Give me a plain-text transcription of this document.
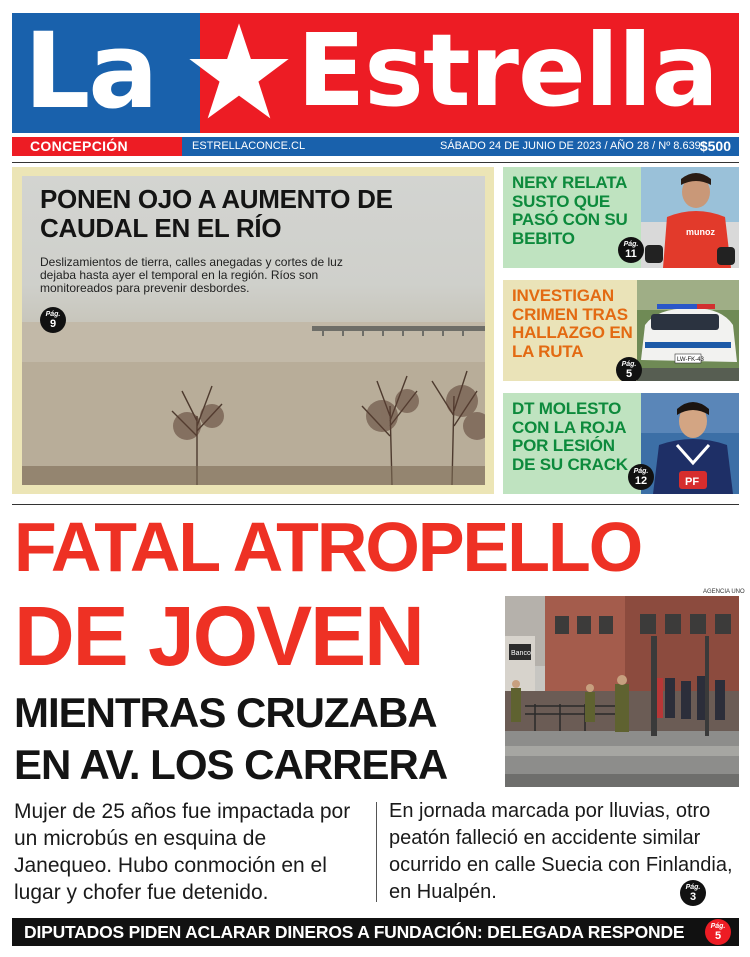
La Estrella
CONCEPCIÓN	ESTRELLACONCE.CL	SÁBADO 24 DE JUNIO DE 2023 / AÑO 28 / Nº 8.639 $500
PONEN OJO A AUMENTO DE CAUDAL EN EL RÍO

Deslizamientos de tierra, calles anegadas y cortes de luz dejaba hasta ayer el temporal en la región. Ríos son monitoreados para prevenir desbordes.

Pág.
9
NERY RELATA SUSTO QUE PASÓ CON SU BEBITO	munoz
Pág.
11
INVESTIGAN CRIMEN TRAS HALLAZGO EN LA RUTA	LW-FK-43
Pág.
5
DT MOLESTO CON LA ROJA POR LESIÓN DE SU CRACK
PF
Pág.
12
FATAL ATROPELLO
DE JOVEN
MIENTRAS CRUZABA
EN AV. LOS CARRERA
AGENCIA UNO
Banco
Mujer de 25 años fue impactada por un microbús en esquina de Janequeo. Hubo conmoción en el lugar y chofer fue detenido.
En jornada marcada por lluvias, otro peatón falleció en accidente similar ocurrido en calle Suecia con Finlandia, en Hualpén.	Pág.
3
DIPUTADOS PIDEN ACLARAR DINEROS A FUNDACIÓN: DELEGADA RESPONDE	Pág.
5
